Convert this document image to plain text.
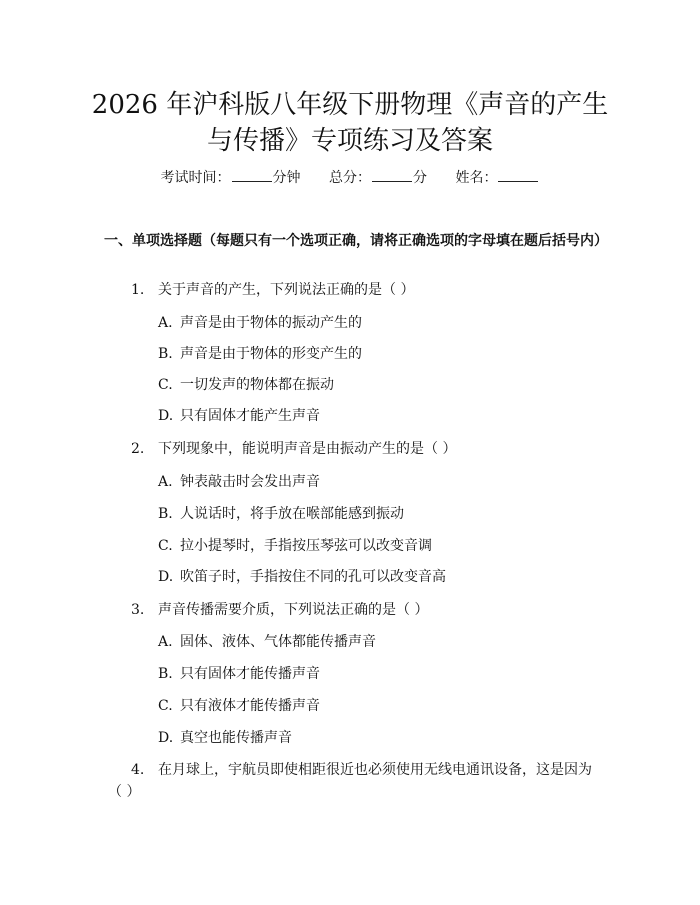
2026 年沪科版八年级下册物理《声音的产生
与传播》专项练习及答案
考试时间：	分钟 总分：	分 姓名：
一、单项选择题（每题只有一个选项正确，请将正确选项的字母填在题后括号内）
1. 关于声音的产生，下列说法正确的是（ ）
A. 声音是由于物体的振动产生的
B. 声音是由于物体的形变产生的
C. 一切发声的物体都在振动
D. 只有固体才能产生声音
2. 下列现象中，能说明声音是由振动产生的是（ ）
A. 钟表敲击时会发出声音
B. 人说话时，将手放在喉部能感到振动
C. 拉小提琴时，手指按压琴弦可以改变音调
D. 吹笛子时，手指按住不同的孔可以改变音高
3. 声音传播需要介质，下列说法正确的是（ ）
A. 固体、液体、气体都能传播声音
B. 只有固体才能传播声音
C. 只有液体才能传播声音
D. 真空也能传播声音
4. 在月球上，宇航员即使相距很近也必须使用无线电通讯设备，这是因为
（ ）
